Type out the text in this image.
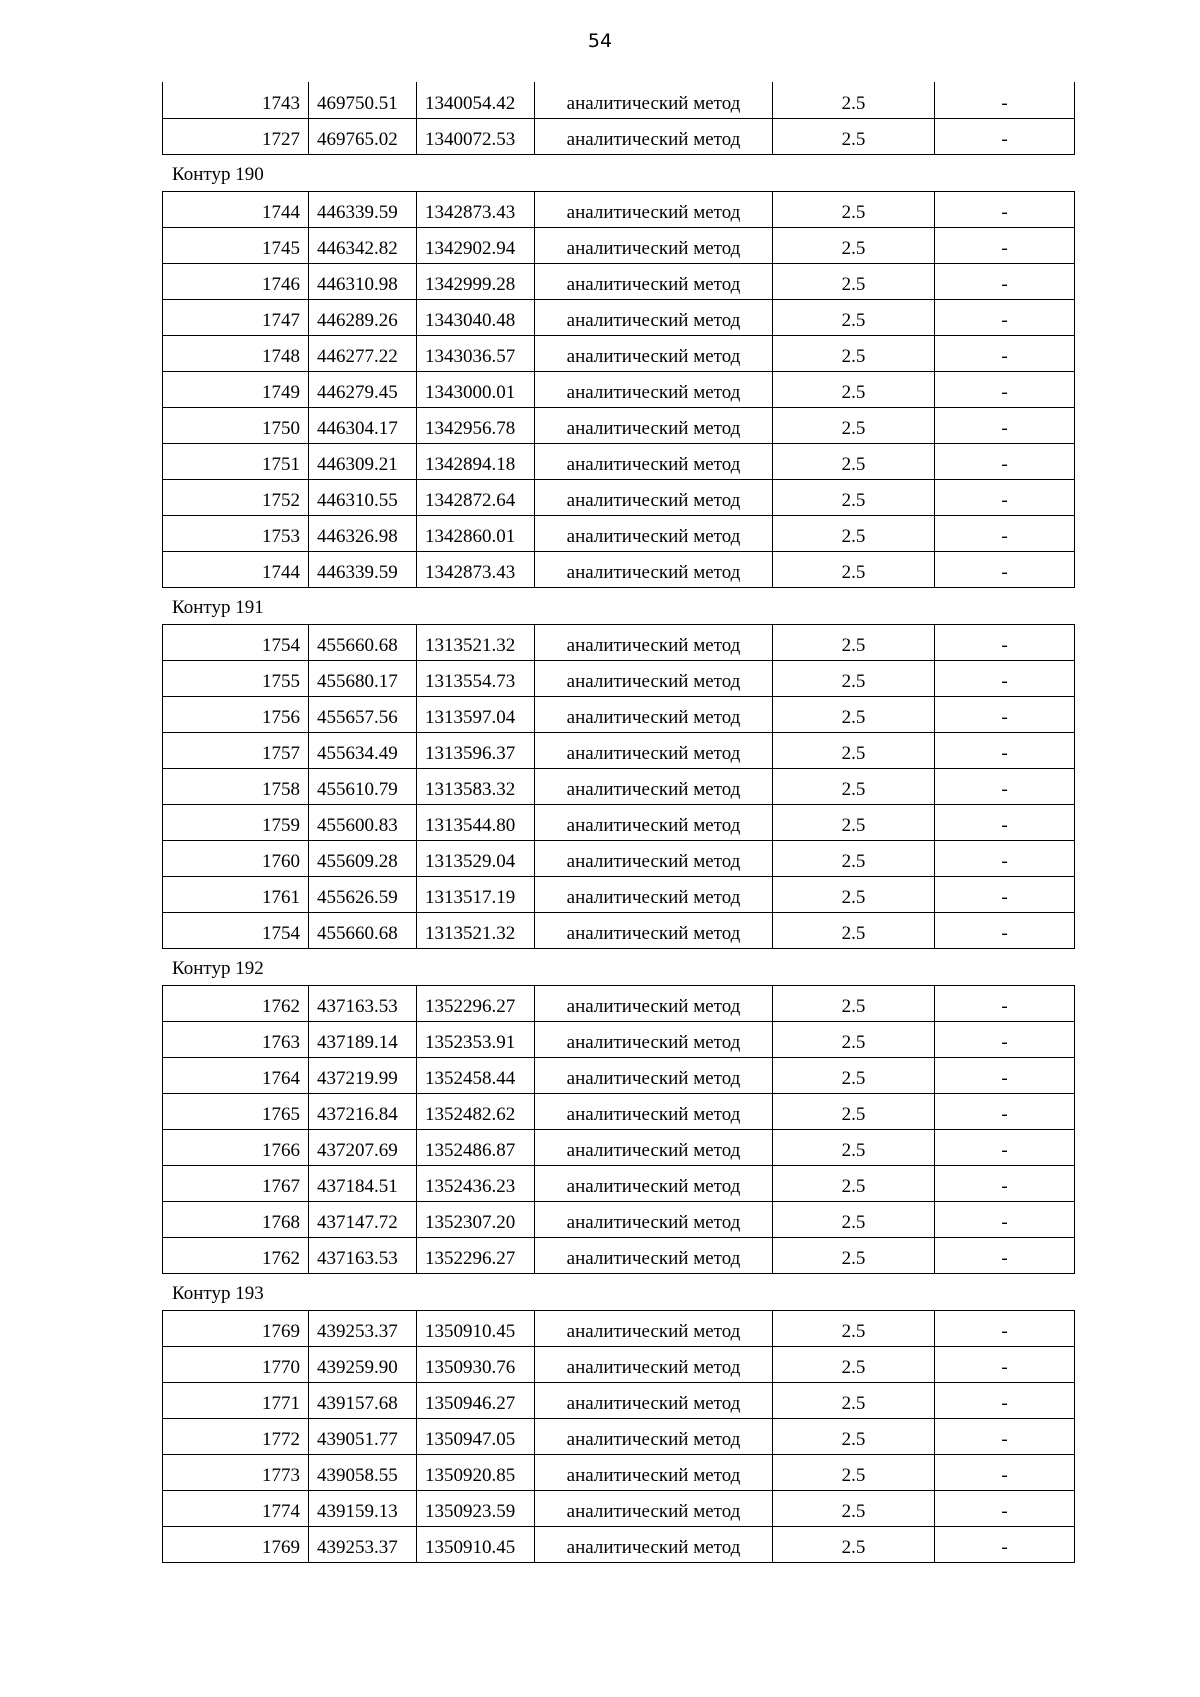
54
1743	469750.51	1340054.42	аналитический метод	2.5	-
1727	469765.02	1340072.53	аналитический метод	2.5	-
Контур 190
1744	446339.59	1342873.43	аналитический метод	2.5	-
1745	446342.82	1342902.94	аналитический метод	2.5	-
1746	446310.98	1342999.28	аналитический метод	2.5	-
1747	446289.26	1343040.48	аналитический метод	2.5	-
1748	446277.22	1343036.57	аналитический метод	2.5	-
1749	446279.45	1343000.01	аналитический метод	2.5	-
1750	446304.17	1342956.78	аналитический метод	2.5	-
1751	446309.21	1342894.18	аналитический метод	2.5	-
1752	446310.55	1342872.64	аналитический метод	2.5	-
1753	446326.98	1342860.01	аналитический метод	2.5	-
1744	446339.59	1342873.43	аналитический метод	2.5	-
Контур 191
1754	455660.68	1313521.32	аналитический метод	2.5	-
1755	455680.17	1313554.73	аналитический метод	2.5	-
1756	455657.56	1313597.04	аналитический метод	2.5	-
1757	455634.49	1313596.37	аналитический метод	2.5	-
1758	455610.79	1313583.32	аналитический метод	2.5	-
1759	455600.83	1313544.80	аналитический метод	2.5	-
1760	455609.28	1313529.04	аналитический метод	2.5	-
1761	455626.59	1313517.19	аналитический метод	2.5	-
1754	455660.68	1313521.32	аналитический метод	2.5	-
Контур 192
1762	437163.53	1352296.27	аналитический метод	2.5	-
1763	437189.14	1352353.91	аналитический метод	2.5	-
1764	437219.99	1352458.44	аналитический метод	2.5	-
1765	437216.84	1352482.62	аналитический метод	2.5	-
1766	437207.69	1352486.87	аналитический метод	2.5	-
1767	437184.51	1352436.23	аналитический метод	2.5	-
1768	437147.72	1352307.20	аналитический метод	2.5	-
1762	437163.53	1352296.27	аналитический метод	2.5	-
Контур 193
1769	439253.37	1350910.45	аналитический метод	2.5	-
1770	439259.90	1350930.76	аналитический метод	2.5	-
1771	439157.68	1350946.27	аналитический метод	2.5	-
1772	439051.77	1350947.05	аналитический метод	2.5	-
1773	439058.55	1350920.85	аналитический метод	2.5	-
1774	439159.13	1350923.59	аналитический метод	2.5	-
1769	439253.37	1350910.45	аналитический метод	2.5	-
